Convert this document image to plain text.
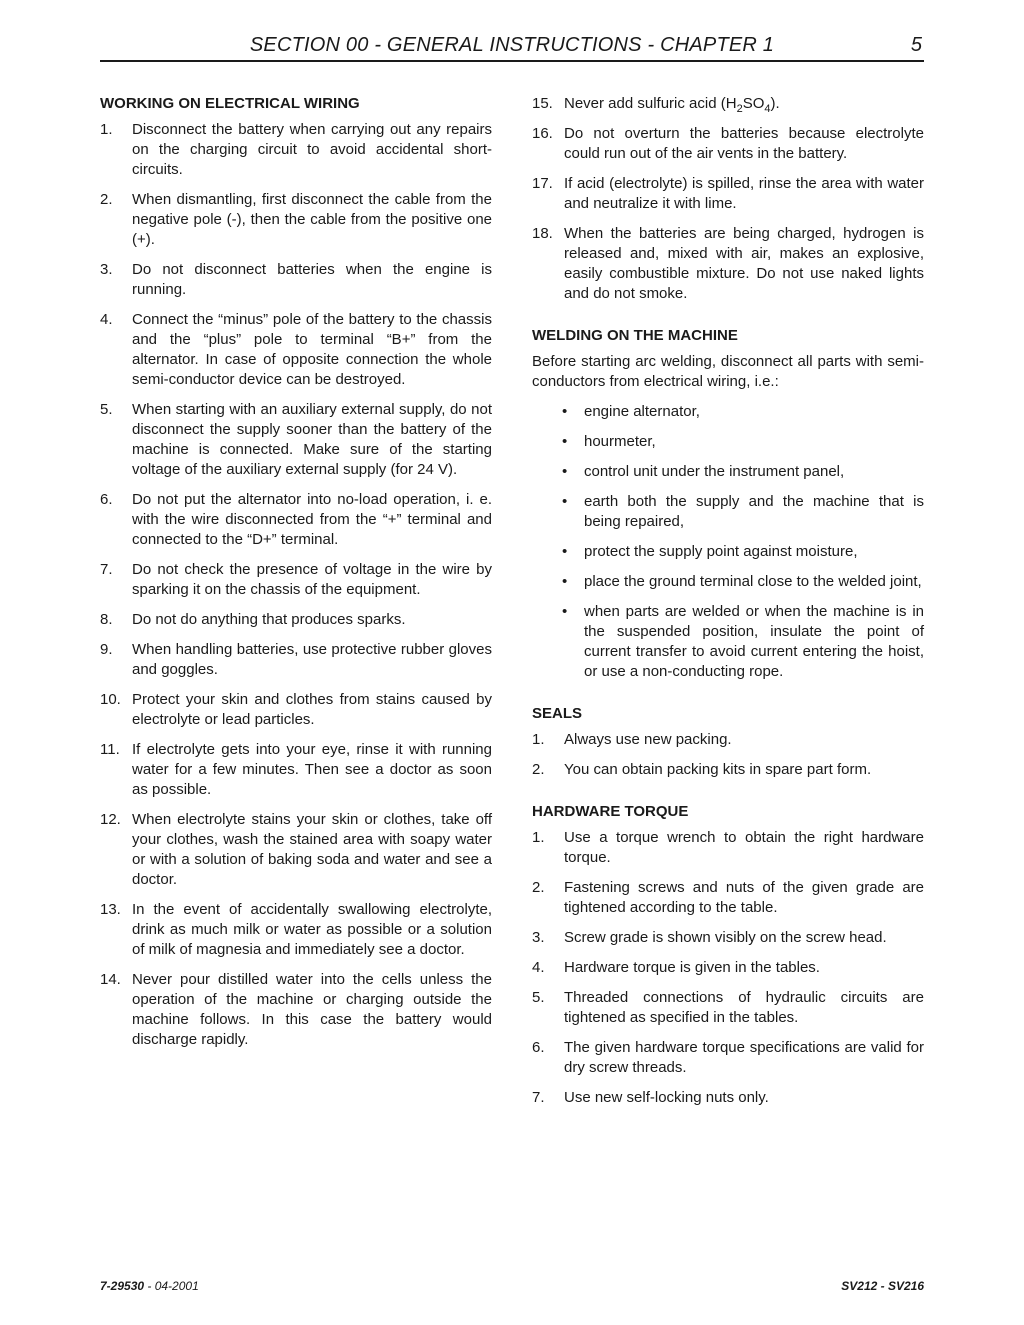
SECTION 00 - GENERAL INSTRUCTIONS - CHAPTER 1	5
WORKING ON ELECTRICAL WIRING
1. Disconnect the battery when carrying out any repairs on the charging circuit to avoid accidental short-circuits.
2. When dismantling, first disconnect the cable from the negative pole (-), then the cable from the positive one (+).
3. Do not disconnect batteries when the engine is running.
4. Connect the “minus” pole of the battery to the chassis and the “plus” pole to terminal “B+” from the alternator. In case of opposite connection the whole semi-conductor device can be destroyed.
5. When starting with an auxiliary external supply, do not disconnect the supply sooner than the battery of the machine is connected. Make sure of the starting voltage of the auxiliary external supply (for 24 V).
6. Do not put the alternator into no-load operation, i. e. with the wire disconnected from the “+” terminal and connected to the “D+” terminal.
7. Do not check the presence of voltage in the wire by sparking it on the chassis of the equipment.
8. Do not do anything that produces sparks.
9. When handling batteries, use protective rubber gloves and goggles.
10. Protect your skin and clothes from stains caused by electrolyte or lead particles.
11. If electrolyte gets into your eye, rinse it with running water for a few minutes. Then see a doctor as soon as possible.
12. When electrolyte stains your skin or clothes, take off your clothes, wash the stained area with soapy water or with a solution of baking soda and water and see a doctor.
13. In the event of accidentally swallowing electrolyte, drink as much milk or water as possible or a solution of milk of magnesia and immediately see a doctor.
14. Never pour distilled water into the cells unless the operation of the machine or charging outside the machine follows. In this case the battery would discharge rapidly.
15. Never add sulfuric acid $(H_2SO_4)$.
16. Do not overturn the batteries because electrolyte could run out of the air vents in the battery.
17. If acid (electrolyte) is spilled, rinse the area with water and neutralize it with lime.
18. When the batteries are being charged, hydrogen is released and, mixed with air, makes an explosive, easily combustible mixture. Do not use naked lights and do not smoke.
WELDING ON THE MACHINE

Before starting arc welding, disconnect all parts with semi-conductors from electrical wiring, i.e.:

• engine alternator,
• hourmeter,
• control unit under the instrument panel,
• earth both the supply and the machine that is being repaired,
• protect the supply point against moisture,
• place the ground terminal close to the welded joint,
• when parts are welded or when the machine is in the suspended position, insulate the point of current transfer to avoid current entering the hoist, or use a non-conducting rope.
SEALS
1. Always use new packing.
2. You can obtain packing kits in spare part form.
HARDWARE TORQUE
1. Use a torque wrench to obtain the right hardware torque.
2. Fastening screws and nuts of the given grade are tightened according to the table.
3. Screw grade is shown visibly on the screw head.
4. Hardware torque is given in the tables.
5. Threaded connections of hydraulic circuits are tightened as specified in the tables.
6. The given hardware torque specifications are valid for dry screw threads.
7. Use new self-locking nuts only.
7-29530 - 04-2001	SV212 - SV216
